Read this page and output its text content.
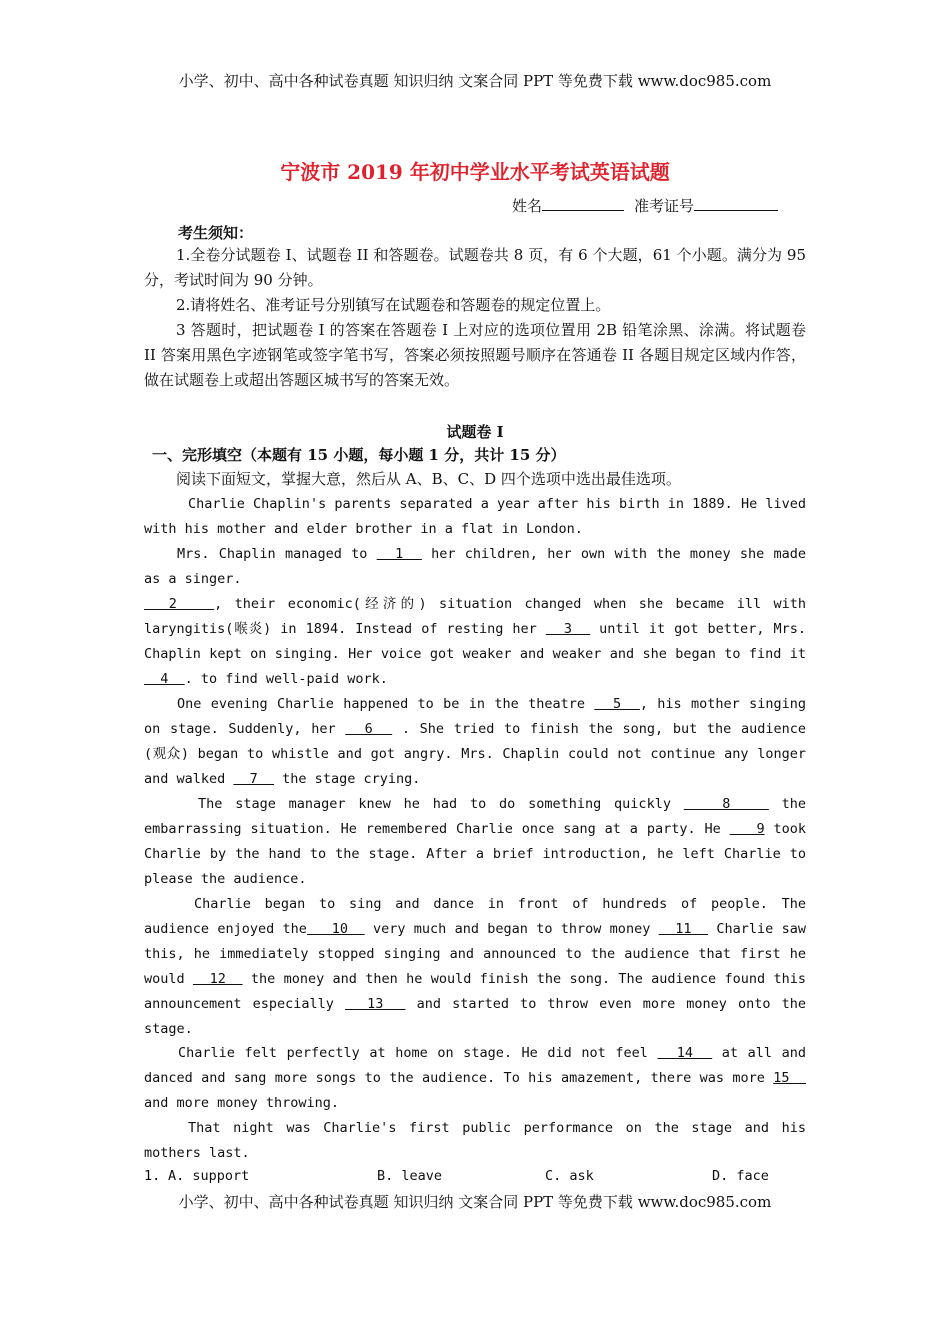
小学、初中、高中各种试卷真题 知识归纳 文案合同 PPT 等免费下载 www.doc985.com
宁波市 2019 年初中学业水平考试英语试题
姓名	准考证号
考生须知：
1.全卷分试题卷 I、试题卷 II 和答题卷。试题卷共 8 页，有 6 个大题，61 个小题。满分为 95 分，考试时间为 90 分钟。
2.请将姓名、准考证号分别镇写在试题卷和答题卷的规定位置上。
3 答题时，把试题卷 I 的答案在答题卷 I 上对应的选项位置用 2B 铅笔涂黑、涂满。将试题卷 II 答案用黑色字迹钢笔或签字笔书写，答案必须按照题号顺序在答通卷 II 各题目规定区域内作答，做在试题卷上或超出答题区城书写的答案无效。
试题卷 I
一、完形填空（本题有 15 小题，每小题 1 分，共计 15 分）
阅读下面短文，掌握大意，然后从 A、B、C、D 四个选项中选出最佳选项。
Charlie Chaplin's parents separated a year after his birth in 1889. He lived with his mother and elder brother in a flat in London.
Mrs. Chaplin managed to   1   her children, her own with the money she made as a singer.
2   , their economic(经济的) situation changed when she became ill with laryngitis(喉炎) in 1894. Instead of resting her   3   until it got better, Mrs. Chaplin kept on singing. Her voice got weaker and weaker and she began to find it   4  . to find well-paid work.
One evening Charlie happened to be in the theatre   5  , his mother singing on stage. Suddenly, her   6   . She tried to finish the song, but the audience (观众) began to whistle and got angry. Mrs. Chaplin could not continue any longer and walked   7   the stage crying.
The stage manager knew he had to do something quickly    8    the embarrassing situation. He remembered Charlie once sang at a party. He    9 took Charlie by the hand to the stage. After a brief introduction, he left Charlie to please the audience.
Charlie began to sing and dance in front of hundreds of people. The audience enjoyed the   10   very much and began to throw money   11   Charlie saw this, he immediately stopped singing and announced to the audience that first he would   12   the money and then he would finish the song. The audience found this announcement especially   13   and started to throw even more money onto the stage.
Charlie felt perfectly at home on stage. He did not feel   14   at all and danced and sang more songs to the audience. To his amazement, there was more 15   and more money throwing.
That night was Charlie's first public performance on the stage and his mothers last.
1. A. support	B. leave	C. ask	D. face
小学、初中、高中各种试卷真题 知识归纳 文案合同 PPT 等免费下载 www.doc985.com
